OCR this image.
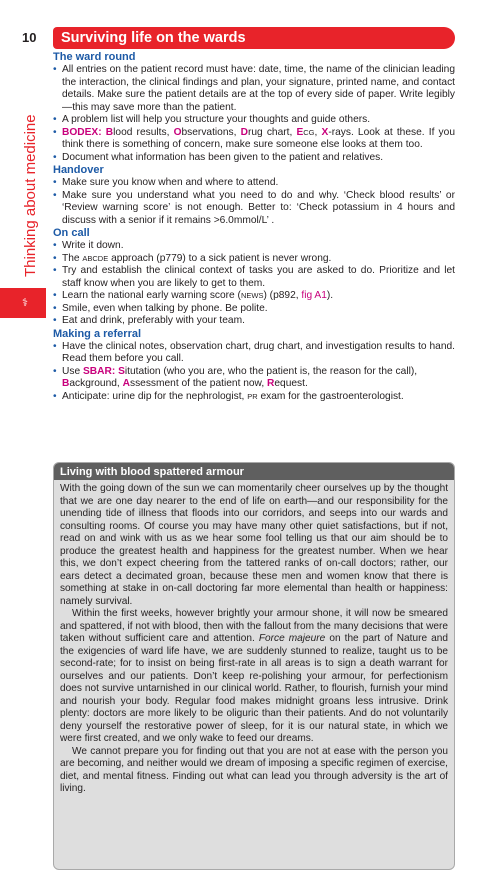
10	Surviving life on the wards
Thinking about medicine
⚕
The ward round
• All entries on the patient record must have: date, time, the name of the clinician leading the interaction, the clinical findings and plan, your signature, printed name, and contact details. Make sure the patient details are at the top of every side of paper. Write legibly—this may save more than the patient.
• A problem list will help you structure your thoughts and guide others.
• BODEX: Blood results, Observations, Drug chart, ECG, X-rays. Look at these. If you think there is something of concern, make sure someone else looks at them too.
• Document what information has been given to the patient and relatives.
Handover
• Make sure you know when and where to attend.
• Make sure you understand what you need to do and why. ‘Check blood results’ or ‘Review warning score’ is not enough. Better to: ‘Check potassium in 4 hours and discuss with a senior if it remains >6.0mmol/L’ .
On call
• Write it down.
• The ABCDE approach (p779) to a sick patient is never wrong.
• Try and establish the clinical context of tasks you are asked to do. Prioritize and let staff know when you are likely to get to them.
• Learn the national early warning score (NEWS) (p892, fig A1).
• Smile, even when talking by phone. Be polite.
• Eat and drink, preferably with your team.
Making a referral
• Have the clinical notes, observation chart, drug chart, and investigation results to hand. Read them before you call.
• Use SBAR: Situtation (who you are, who the patient is, the reason for the call),
Background, Assessment of the patient now, Request.
• Anticipate: urine dip for the nephrologist, PR exam for the gastroenterologist.
Living with blood spattered armour

With the going down of the sun we can momentarily cheer ourselves up by the thought that we are one day nearer to the end of life on earth—and our responsibility for the unending tide of illness that floods into our corridors, and seeps into our wards and consulting rooms. Of course you may have many other quiet satisfactions, but if not, read on and wink with us as we hear some fool telling us that our aim should be to produce the greatest health and happiness for the greatest number. When we hear this, we don’t expect cheering from the tattered ranks of on-call doctors; rather, our ears detect a decimated groan, because these men and women know that there is something at stake in on-call doctoring far more elemental than health or happiness: namely survival.

Within the first weeks, however brightly your armour shone, it will now be smeared and spattered, if not with blood, then with the fallout from the many decisions that were taken without sufficient care and attention. Force majeure on the part of Nature and the exigencies of ward life have, we are suddenly stunned to realize, taught us to be second-rate; for to insist on being first-rate in all areas is to sign a death warrant for ourselves and our patients. Don’t keep re-polishing your armour, for perfectionism does not survive untarnished in our clinical world. Rather, to flourish, furnish your mind and nourish your body. Regular food makes midnight groans less intrusive. Drink plenty: doctors are more likely to be oliguric than their patients. And do not voluntarily deny yourself the restorative power of sleep, for it is our natural state, in which we were first created, and we only wake to feed our dreams.

We cannot prepare you for finding out that you are not at ease with the person you are becoming, and neither would we dream of imposing a specific regimen of exercise, diet, and mental fitness. Finding out what can lead you through adversity is the art of living.
